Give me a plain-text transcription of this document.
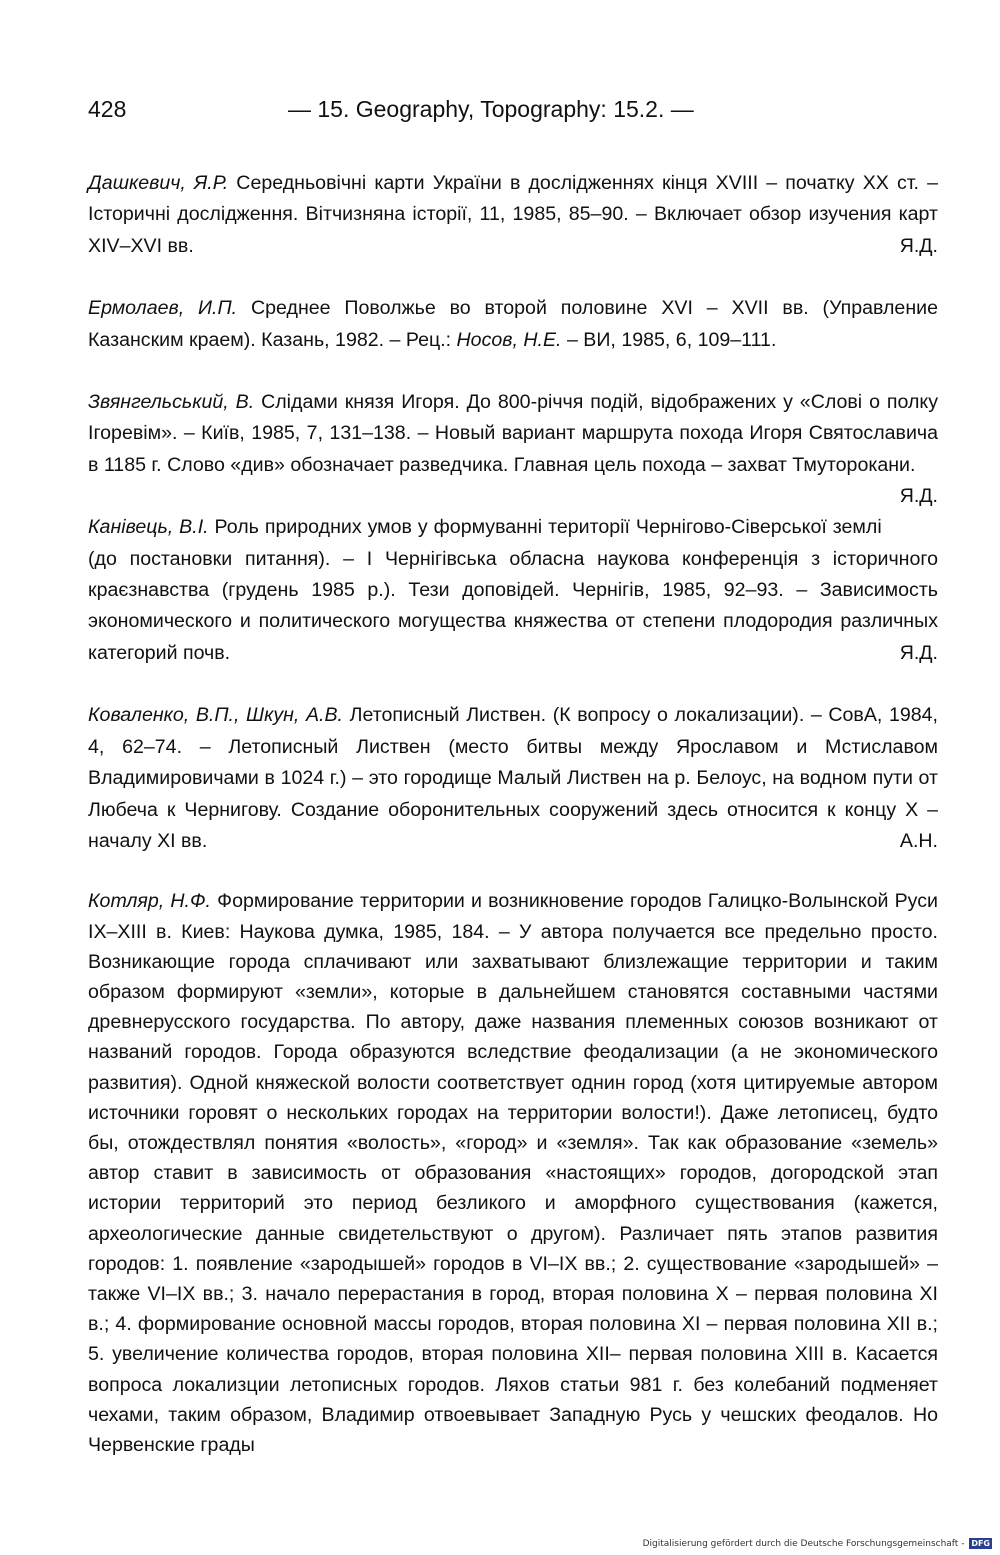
428	— 15. Geography, Topography: 15.2. —

Дашкевич, Я.Р. Середньовічні карти України в дослідженнях кінця XVIII – початку XX ст. – Історичні дослідження. Вітчизняна історії, 11, 1985, 85–90. – Включает обзор изучения карт XIV–XVI вв.	Я.Д.

Ермолаев, И.П. Среднее Поволжье во второй половине XVI – XVII вв. (Управление Казанским краем). Казань, 1982. – Рец.: Носов, Н.Е. – ВИ, 1985, 6, 109–111.

Звянгельський, В. Слідами князя Игоря. До 800-річчя подій, відображених у «Слові о полку Ігоревім». – Київ, 1985, 7, 131–138. – Новый вариант маршрута похода Игоря Святославича в 1185 г. Слово «див» обозначает разведчика. Главная цель похода – захват Тмуторокани.
Я.Д.

Канівець, В.І. Роль природних умов у формуванні території Чернігово-Сіверської землі (до постановки питання). – І Чернігівська обласна наукова конференція з історичного краєзнавства (грудень 1985 р.). Тези доповідей. Чернігів, 1985, 92–93. – Зависимость экономического и политического могущества княжества от степени плодородия различных категорий почв.	Я.Д.

Коваленко, В.П., Шкун, А.В. Летописный Листвен. (К вопросу о локализации). – СовА, 1984, 4, 62–74. – Летописный Листвен (место битвы между Ярославом и Мстиславом Владимировичами в 1024 г.) – это городище Малый Листвен на р. Белоус, на водном пути от Любеча к Чернигову. Создание оборонительных сооружений здесь относится к концу X – началу XI вв.	А.Н.

Котляр, Н.Ф. Формирование территории и возникновение городов Галицко-Волынской Руси IX–XIII в. Киев: Наукова думка, 1985, 184. – У автора получается все предельно просто. Возникающие города сплачивают или захватывают близлежащие территории и таким образом формируют «земли», которые в дальнейшем становятся составными частями древнерусского государства. По автору, даже названия племенных союзов возникают от названий городов. Города образуются вследствие феодализации (а не экономического развития). Одной княжеской волости соответствует однин город (хотя цитируемые автором источники горовят о нескольких городах на территории волости!). Даже летописец, будто бы, отождествлял понятия «волость», «город» и «земля». Так как образование «земель» автор ставит в зависимость от образования «настоящих» городов, догородской этап истории территорий это период безликого и аморфного существования (кажется, археологические данные свидетельствуют о другом). Различает пять этапов развития городов: 1. появление «зародышей» городов в VI–IX вв.; 2. существование «зародышей» – также VI–IX вв.; 3. начало перерастания в город, вторая половина X – первая половина XI в.; 4. формирование основной массы городов, вторая половина XI – первая половина XII в.; 5. увеличение количества городов, вторая половина XII– первая половина XIII в. Касается вопроса локализции летописных городов. Ляхов статьи 981 г. без колебаний подменяет чехами, таким образом, Владимир отвоевывает Западную Русь у чешских феодалов. Но Червенские грады

Digitalisierung gefördert durch die Deutsche Forschungsgemeinschaft - DFG
